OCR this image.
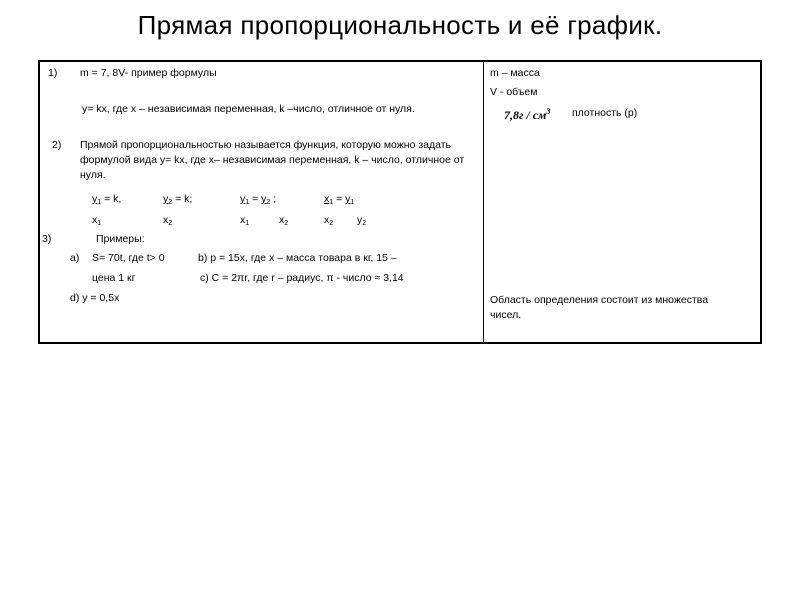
Прямая пропорциональность и её график.
1) m = 7, 8V- пример формулы
y= kx, где x – независимая переменная, k –число, отличное от нуля.
2) Прямой пропорциональностью называется функция, которую можно задать формулой вида y= kx, где x– независимая переменная, k – число, отличное от нуля.
$y_1 = k$,	$y_2 = k$;	$y_1 = y_2$ ;	$x_1 = y_1$
$x_1$	$x_2$	$x_1$	$x_2$	$x_2$ $y_2$
3)	Примеры:
a) S= 70t, где t> 0	b) p = 15x, где x – масса товара в кг, 15 –
цена 1 кг	c) C = 2πr, где r – радиус, π - число ≈ 3,14
d) y = 0,5x
m – масса
V - объем
$7,8г / см^3$ плотность (p)
Область определения состоит из множества чисел.
